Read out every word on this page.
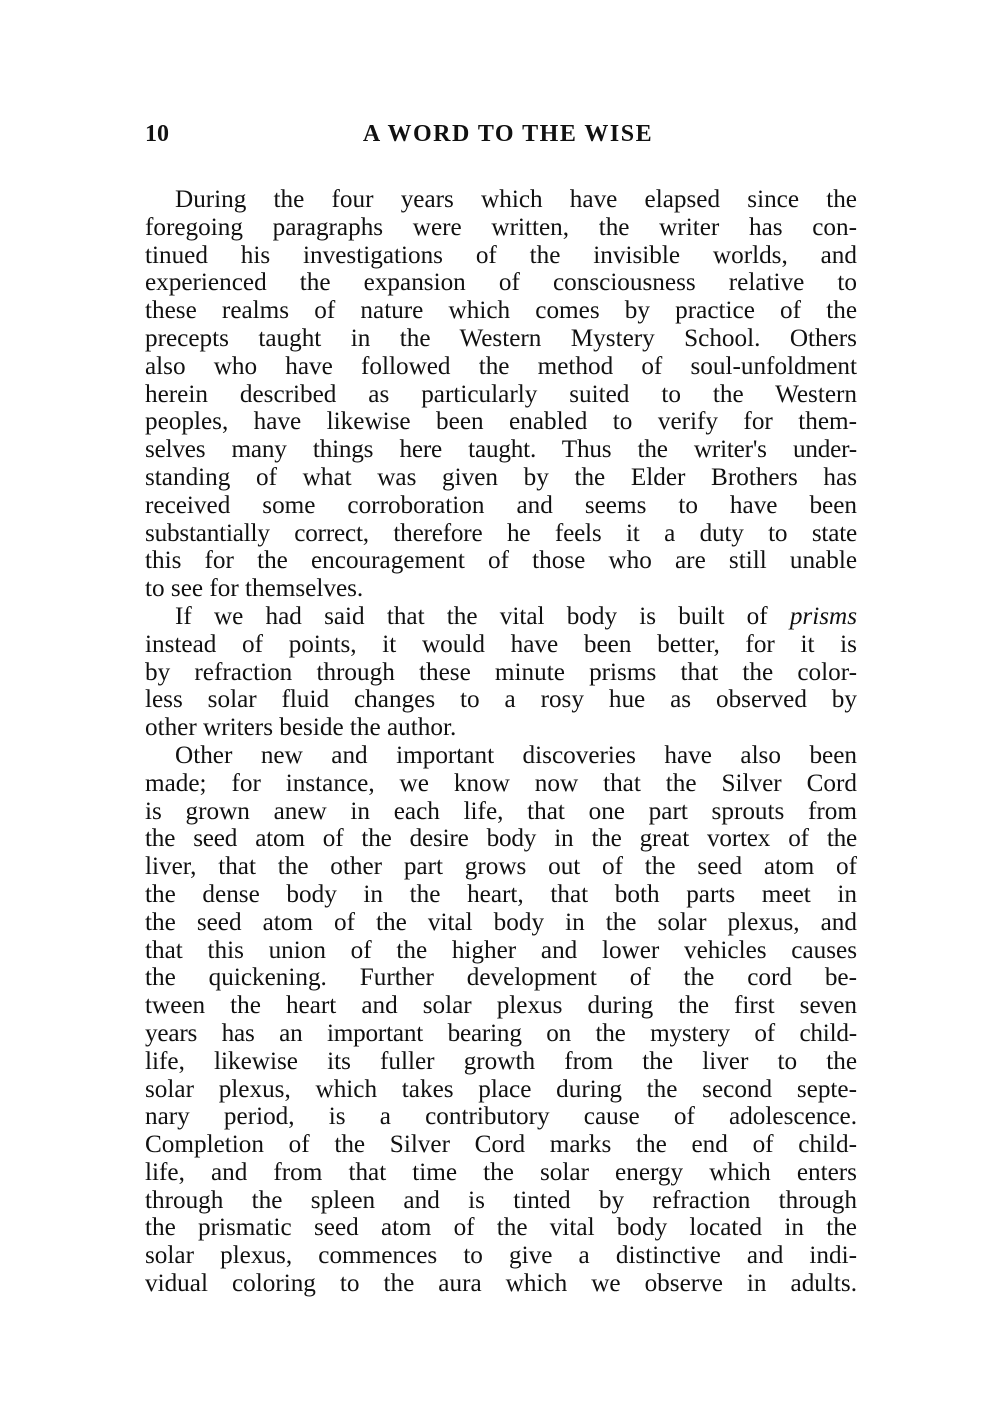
10	A WORD TO THE WISE
During the four years which have elapsed since the
foregoing paragraphs were written, the writer has con-
tinued his investigations of the invisible worlds, and
experienced the expansion of consciousness relative to
these realms of nature which comes by practice of the
precepts taught in the Western Mystery School. Others
also who have followed the method of soul-unfoldment
herein described as particularly suited to the Western
peoples, have likewise been enabled to verify for them-
selves many things here taught. Thus the writer's under-
standing of what was given by the Elder Brothers has
received some corroboration and seems to have been
substantially correct, therefore he feels it a duty to state
this for the encouragement of those who are still unable
to see for themselves.
If we had said that the vital body is built of prisms
instead of points, it would have been better, for it is
by refraction through these minute prisms that the color-
less solar fluid changes to a rosy hue as observed by
other writers beside the author.
Other new and important discoveries have also been
made; for instance, we know now that the Silver Cord
is grown anew in each life, that one part sprouts from
the seed atom of the desire body in the great vortex of the
liver, that the other part grows out of the seed atom of
the dense body in the heart, that both parts meet in
the seed atom of the vital body in the solar plexus, and
that this union of the higher and lower vehicles causes
the quickening. Further development of the cord be-
tween the heart and solar plexus during the first seven
years has an important bearing on the mystery of child-
life, likewise its fuller growth from the liver to the
solar plexus, which takes place during the second septe-
nary period, is a contributory cause of adolescence.
Completion of the Silver Cord marks the end of child-
life, and from that time the solar energy which enters
through the spleen and is tinted by refraction through
the prismatic seed atom of the vital body located in the
solar plexus, commences to give a distinctive and indi-
vidual coloring to the aura which we observe in adults.
